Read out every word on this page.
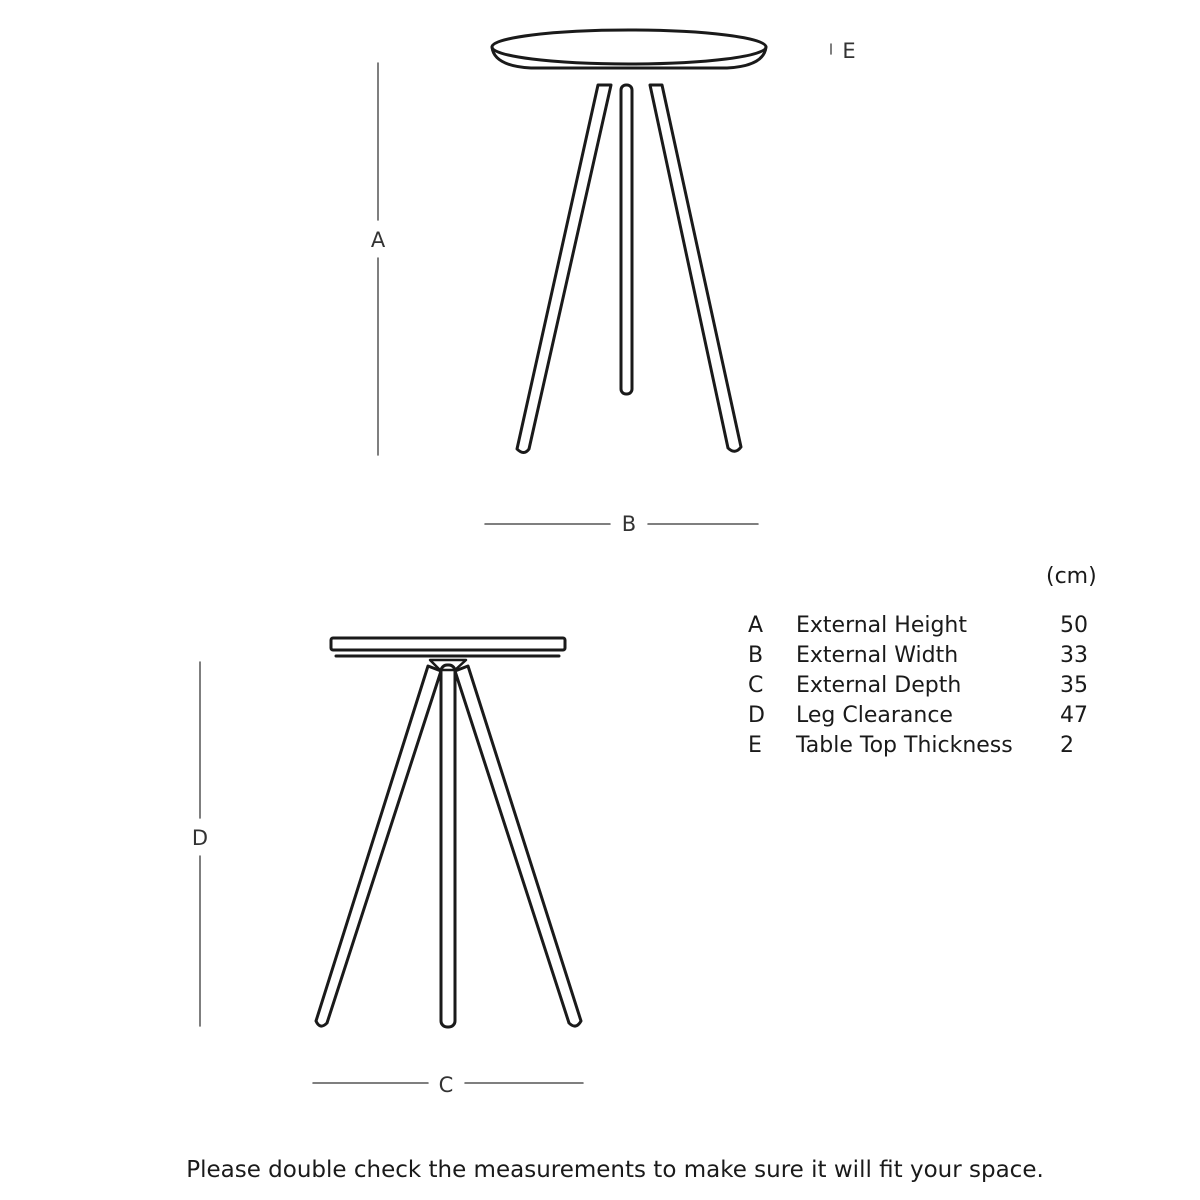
A
B
E
D
C
(cm)
A	External Height	50
B	External Width	33
C	External Depth	35
D	Leg Clearance	47
E	Table Top Thickness	2
Please double check the measurements to make sure it will fit your space.
